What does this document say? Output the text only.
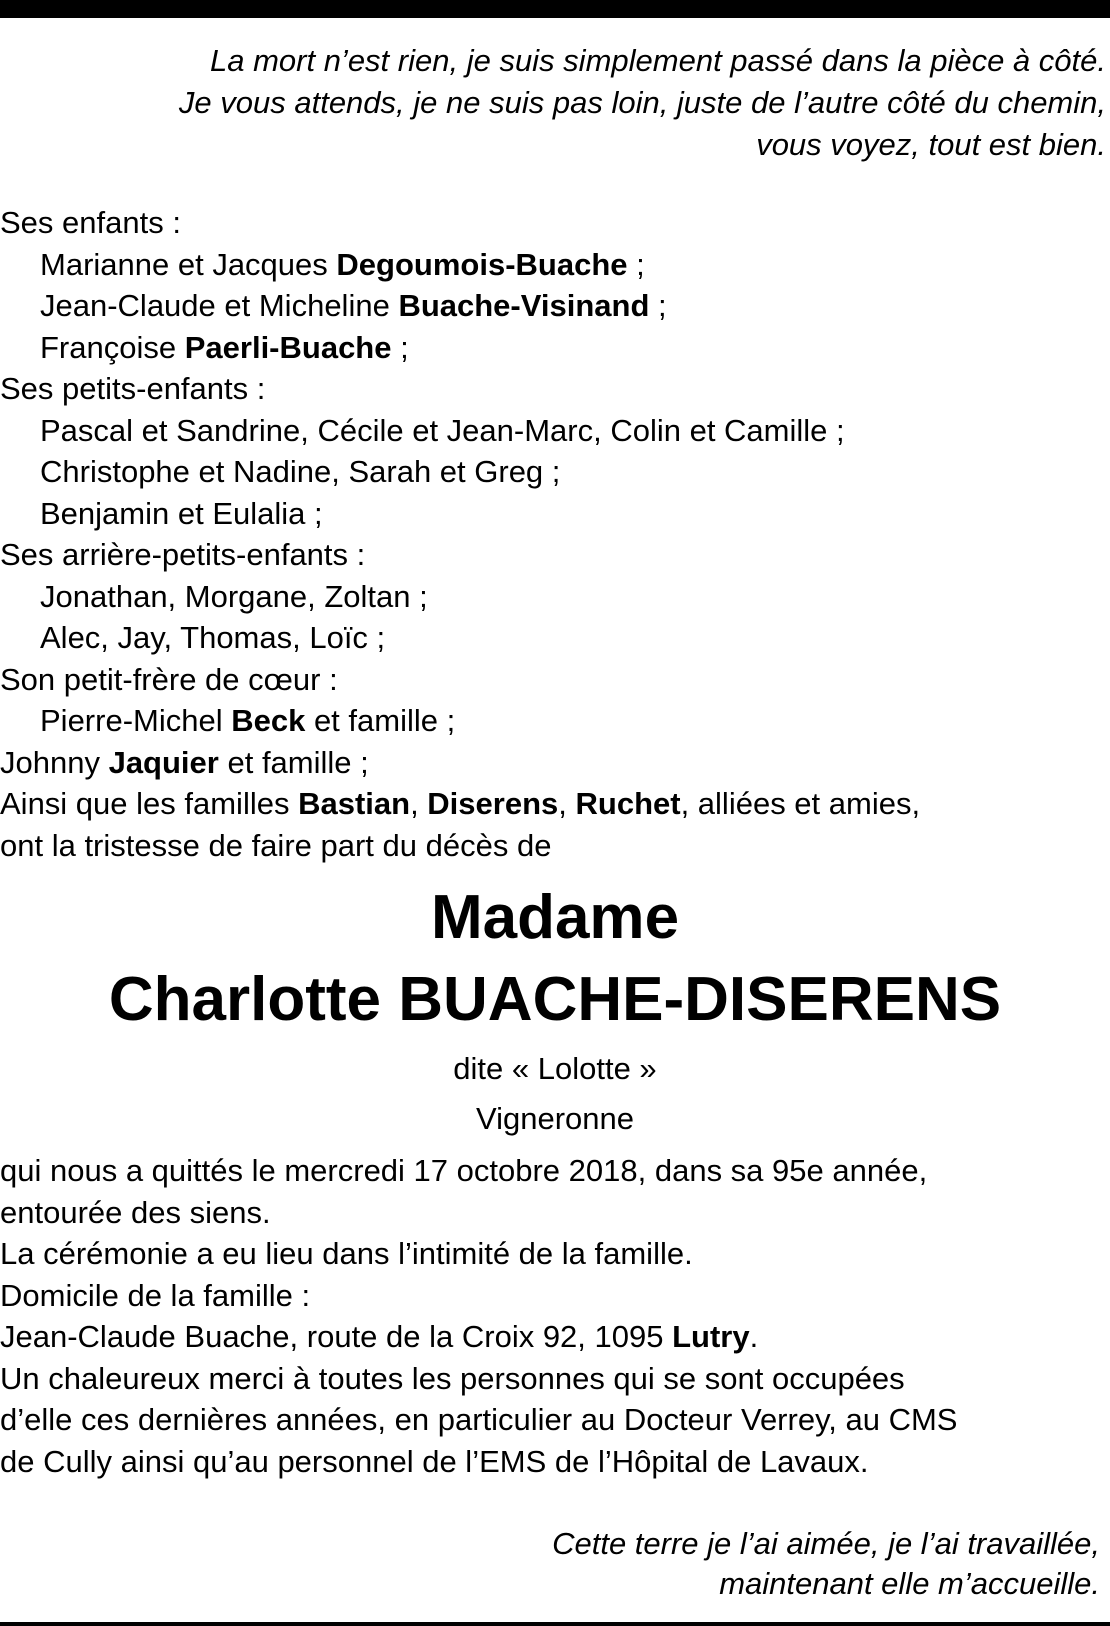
La mort n’est rien, je suis simplement passé dans la pièce à côté.
Je vous attends, je ne suis pas loin, juste de l’autre côté du chemin,
vous voyez, tout est bien.
Ses enfants :
Marianne et Jacques Degoumois-Buache ;
Jean-Claude et Micheline Buache-Visinand ;
Françoise Paerli-Buache ;
Ses petits-enfants :
Pascal et Sandrine, Cécile et Jean-Marc, Colin et Camille ;
Christophe et Nadine, Sarah et Greg ;
Benjamin et Eulalia ;
Ses arrière-petits-enfants :
Jonathan, Morgane, Zoltan ;
Alec, Jay, Thomas, Loïc ;
Son petit-frère de cœur :
Pierre-Michel Beck et famille ;
Johnny Jaquier et famille ;
Ainsi que les familles Bastian, Diserens, Ruchet, alliées et amies,
ont la tristesse de faire part du décès de
Madame
Charlotte BUACHE-DISERENS
dite « Lolotte »
Vigneronne
qui nous a quittés le mercredi 17 octobre 2018, dans sa 95e année,
entourée des siens.
La cérémonie a eu lieu dans l’intimité de la famille.
Domicile de la famille :
Jean-Claude Buache, route de la Croix 92, 1095 Lutry.
Un chaleureux merci à toutes les personnes qui se sont occupées
d’elle ces dernières années, en particulier au Docteur Verrey, au CMS
de Cully ainsi qu’au personnel de l’EMS de l’Hôpital de Lavaux.
Cette terre je l’ai aimée, je l’ai travaillée,
maintenant elle m’accueille.
